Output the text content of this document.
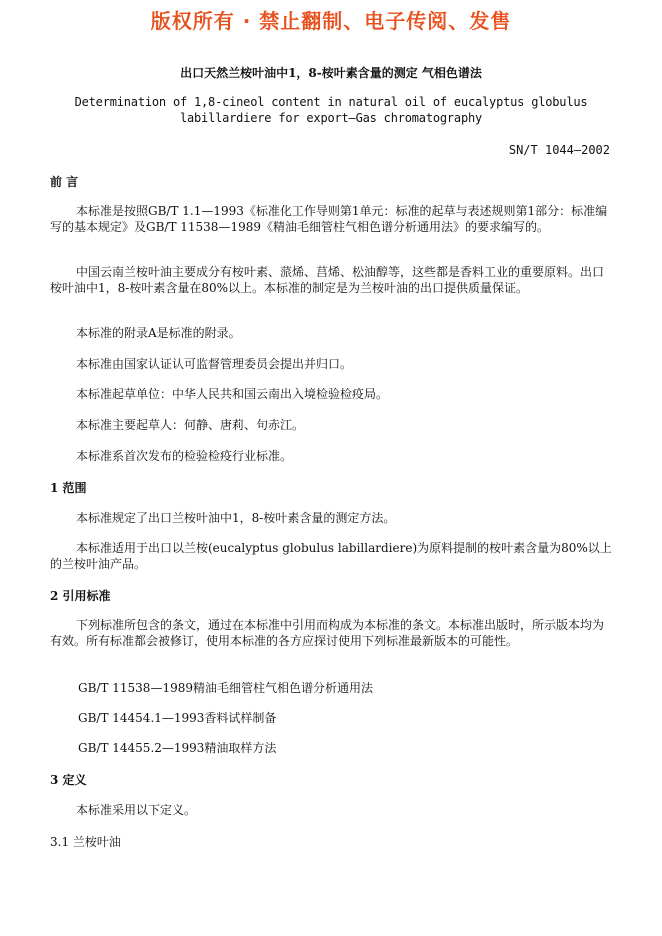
版权所有 · 禁止翻制、电子传阅、发售
出口天然兰桉叶油中1，8-桉叶素含量的测定 气相色谱法
Determination of 1,8-cineol content in natural oil of eucalyptus globulus labillardiere for export—Gas chromatography
SN/T 1044—2002
前 言
本标准是按照GB/T 1.1—1993《标准化工作导则第1单元：标准的起草与表述规则第1部分：标准编写的基本规定》及GB/T 11538—1989《精油毛细管柱气相色谱分析通用法》的要求编写的。
中国云南兰桉叶油主要成分有桉叶素、蒎烯、莒烯、松油醇等，这些都是香料工业的重要原料。出口桉叶油中1，8-桉叶素含量在80%以上。本标准的制定是为兰桉叶油的出口提供质量保证。
本标准的附录A是标准的附录。
本标准由国家认证认可监督管理委员会提出并归口。
本标准起草单位：中华人民共和国云南出入境检验检疫局。
本标准主要起草人：何静、唐莉、句赤江。
本标准系首次发布的检验检疫行业标准。
1 范围
本标准规定了出口兰桉叶油中1，8-桉叶素含量的测定方法。
本标准适用于出口以兰桉(eucalyptus globulus labillardiere)为原料提制的桉叶素含量为80%以上的兰桉叶油产品。
2 引用标准
下列标准所包含的条文，通过在本标准中引用而构成为本标准的条文。本标准出版时，所示版本均为有效。所有标准都会被修订，使用本标准的各方应探讨使用下列标准最新版本的可能性。
GB/T 11538—1989精油毛细管柱气相色谱分析通用法
GB/T 14454.1—1993香料试样制备
GB/T 14455.2—1993精油取样方法
3 定义
本标准采用以下定义。
3.1 兰桉叶油
